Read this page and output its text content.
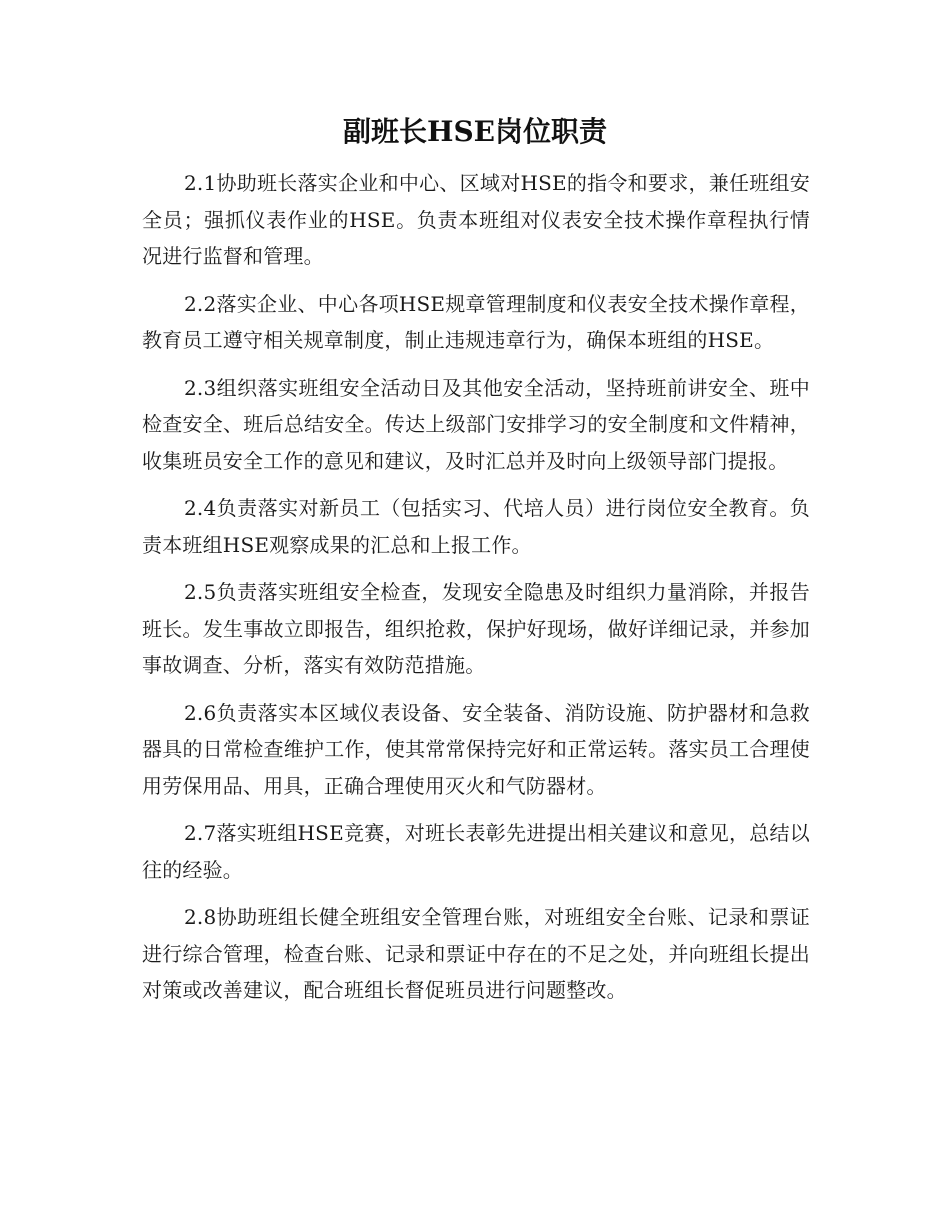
副班长HSE岗位职责

2.1协助班长落实企业和中心、区域对HSE的指令和要求，兼任班组安全员；强抓仪表作业的HSE。负责本班组对仪表安全技术操作章程执行情况进行监督和管理。

2.2落实企业、中心各项HSE规章管理制度和仪表安全技术操作章程，教育员工遵守相关规章制度，制止违规违章行为，确保本班组的HSE。

2.3组织落实班组安全活动日及其他安全活动，坚持班前讲安全、班中检查安全、班后总结安全。传达上级部门安排学习的安全制度和文件精神，收集班员安全工作的意见和建议，及时汇总并及时向上级领导部门提报。

2.4负责落实对新员工（包括实习、代培人员）进行岗位安全教育。负责本班组HSE观察成果的汇总和上报工作。

2.5负责落实班组安全检查，发现安全隐患及时组织力量消除，并报告班长。发生事故立即报告，组织抢救，保护好现场，做好详细记录，并参加事故调查、分析，落实有效防范措施。

2.6负责落实本区域仪表设备、安全装备、消防设施、防护器材和急救器具的日常检查维护工作，使其常常保持完好和正常运转。落实员工合理使用劳保用品、用具，正确合理使用灭火和气防器材。

2.7落实班组HSE竞赛，对班长表彰先进提出相关建议和意见，总结以往的经验。

2.8协助班组长健全班组安全管理台账，对班组安全台账、记录和票证进行综合管理，检查台账、记录和票证中存在的不足之处，并向班组长提出对策或改善建议，配合班组长督促班员进行问题整改。
